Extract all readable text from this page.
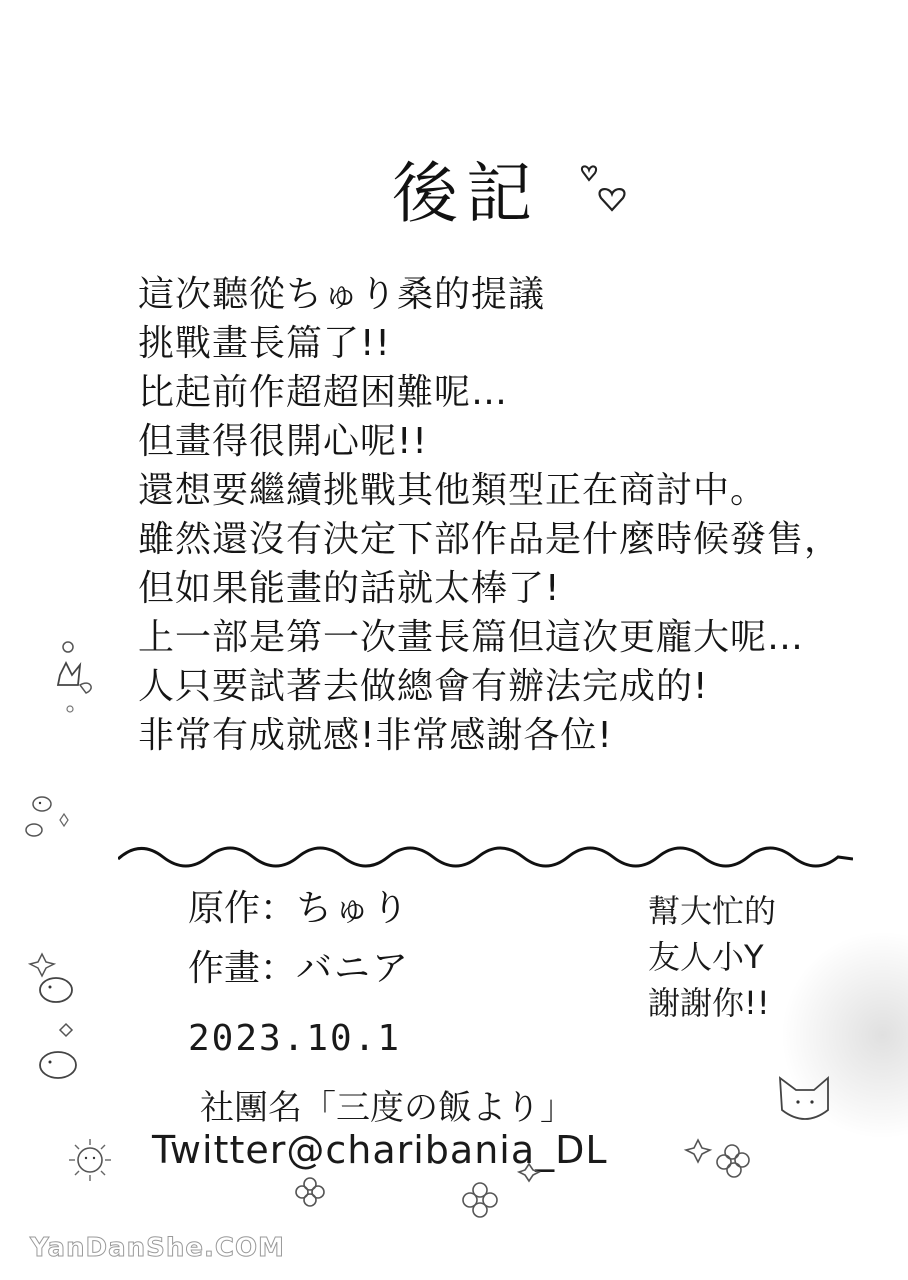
後記
這次聽從ちゅり桑的提議
挑戰畫長篇了!!
比起前作超超困難呢…
但畫得很開心呢!!
還想要繼續挑戰其他類型正在商討中。
雖然還沒有決定下部作品是什麼時候發售，
但如果能畫的話就太棒了!
上一部是第一次畫長篇但這次更龐大呢…
人只要試著去做總會有辦法完成的!
非常有成就感!非常感謝各位!
原作：ちゅり
作畫：バニア
幫大忙的
友人小Y
謝謝你!!
2023.10.1
社團名「三度の飯より」
Twitter@charibania_DL
YanDanShe.COM
